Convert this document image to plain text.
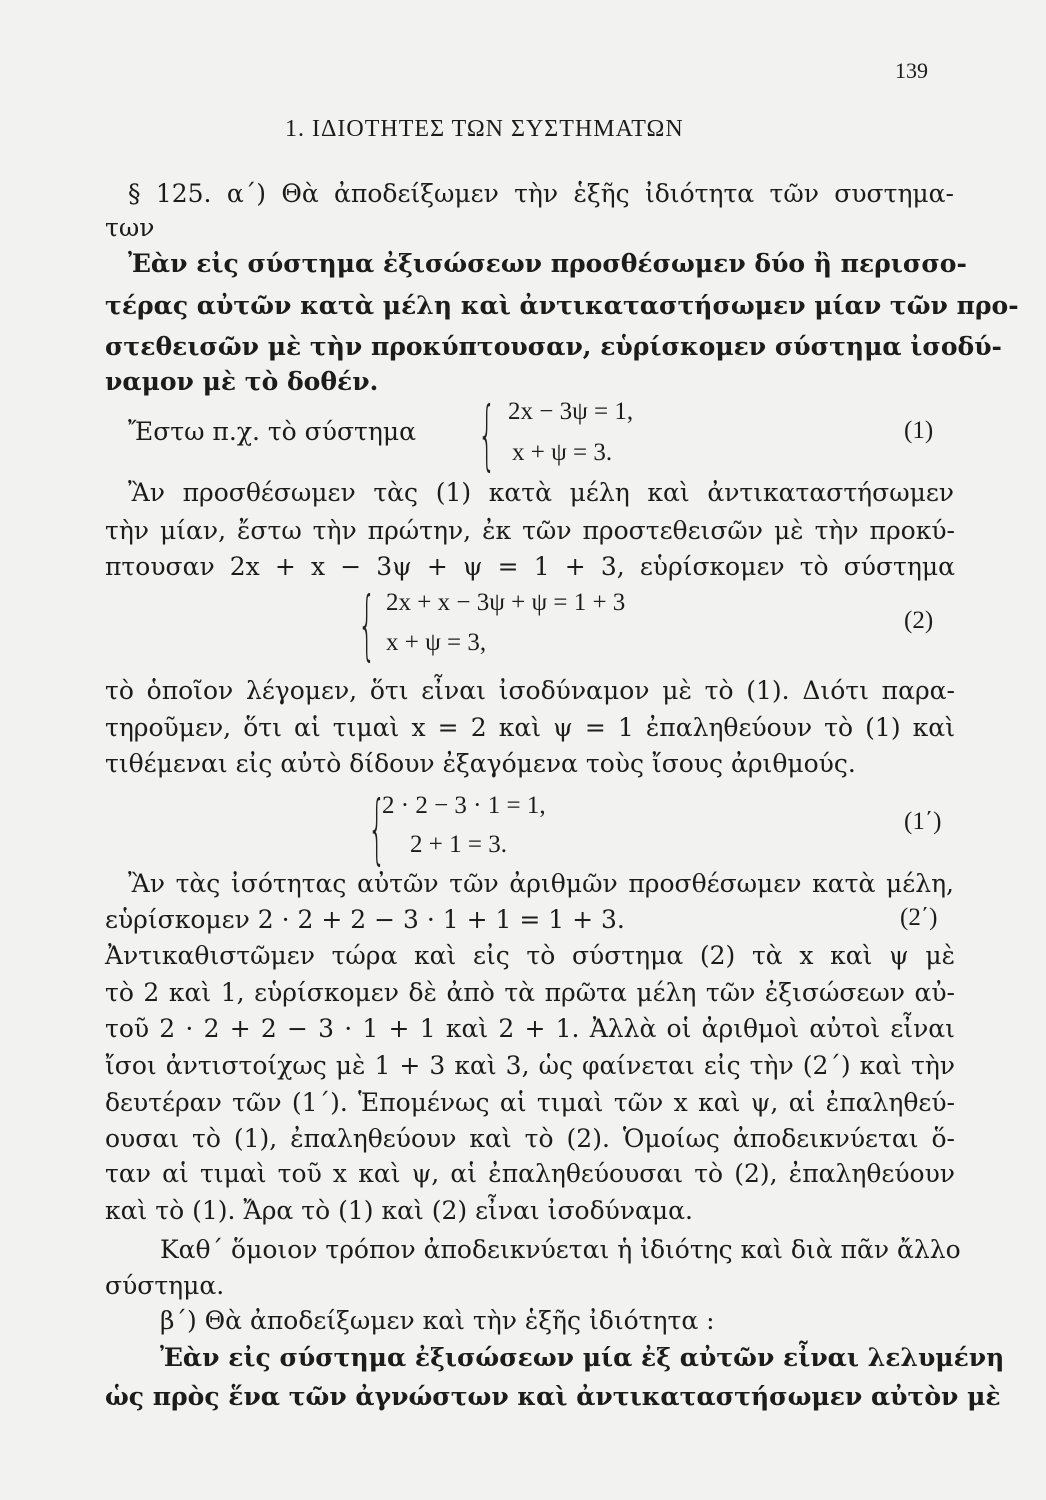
139
1. ΙΔΙΟΤΗΤΕΣ ΤΩΝ ΣΥΣΤΗΜΑΤΩΝ
§ 125. α΄) Θὰ ἀποδείξωμεν τὴν ἑξῆς ἰδιότητα τῶν συστημα-
των
Ἐὰν εἰς σύστημα ἐξισώσεων προσθέσωμεν δύο ἢ περισσο-
τέρας αὐτῶν κατὰ μέλη καὶ ἀντικαταστήσωμεν μίαν τῶν προ-
στεθεισῶν μὲ τὴν προκύπτουσαν, εὑρίσκομεν σύστημα ἰσοδύ-
ναμον μὲ τὸ δοθέν.
Ἔστω π.χ. τὸ σύστημα { 2x − 3ψ = 1,
x + ψ = 3.
(1)
Ἂν προσθέσωμεν τὰς (1) κατὰ μέλη καὶ ἀντικαταστήσωμεν
τὴν μίαν, ἔστω τὴν πρώτην, ἐκ τῶν προστεθεισῶν μὲ τὴν προκύ-
πτουσαν 2x + x − 3ψ + ψ = 1 + 3, εὑρίσκομεν τὸ σύστημα
{ 2x + x − 3ψ + ψ = 1 + 3
x + ψ = 3,
(2)
τὸ ὁποῖον λέγομεν, ὅτι εἶναι ἰσοδύναμον μὲ τὸ (1). Διότι παρα-
τηροῦμεν, ὅτι αἱ τιμαὶ x = 2 καὶ ψ = 1 ἐπαληθεύουν τὸ (1) καὶ
τιθέμεναι εἰς αὐτὸ δίδουν ἐξαγόμενα τοὺς ἴσους ἀριθμούς.
{
2 · 2 − 3 · 1 = 1,
2 + 1 = 3.
(1΄)
Ἂν τὰς ἰσότητας αὐτῶν τῶν ἀριθμῶν προσθέσωμεν κατὰ μέλη,
εὑρίσκομεν 2 · 2 + 2 − 3 · 1 + 1 = 1 + 3.	(2΄)
Ἀντικαθιστῶμεν τώρα καὶ εἰς τὸ σύστημα (2) τὰ x καὶ ψ μὲ
τὸ 2 καὶ 1, εὑρίσκομεν δὲ ἀπὸ τὰ πρῶτα μέλη τῶν ἐξισώσεων αὐ-
τοῦ 2 · 2 + 2 − 3 · 1 + 1 καὶ 2 + 1. Ἀλλὰ οἱ ἀριθμοὶ αὐτοὶ εἶναι
ἴσοι ἀντιστοίχως μὲ 1 + 3 καὶ 3, ὡς φαίνεται εἰς τὴν (2΄) καὶ τὴν
δευτέραν τῶν (1΄). Ἑπομένως αἱ τιμαὶ τῶν x καὶ ψ, αἱ ἐπαληθεύ-
ουσαι τὸ (1), ἐπαληθεύουν καὶ τὸ (2). Ὁμοίως ἀποδεικνύεται ὅ-
ταν αἱ τιμαὶ τοῦ x καὶ ψ, αἱ ἐπαληθεύουσαι τὸ (2), ἐπαληθεύουν
καὶ τὸ (1). Ἄρα τὸ (1) καὶ (2) εἶναι ἰσοδύναμα.
Καθ΄ ὅμοιον τρόπον ἀποδεικνύεται ἡ ἰδιότης καὶ διὰ πᾶν ἄλλο
σύστημα.
β΄) Θὰ ἀποδείξωμεν καὶ τὴν ἑξῆς ἰδιότητα :
Ἐὰν εἰς σύστημα ἐξισώσεων μία ἐξ αὐτῶν εἶναι λελυμένη
ὡς πρὸς ἕνα τῶν ἀγνώστων καὶ ἀντικαταστήσωμεν αὐτὸν μὲ
